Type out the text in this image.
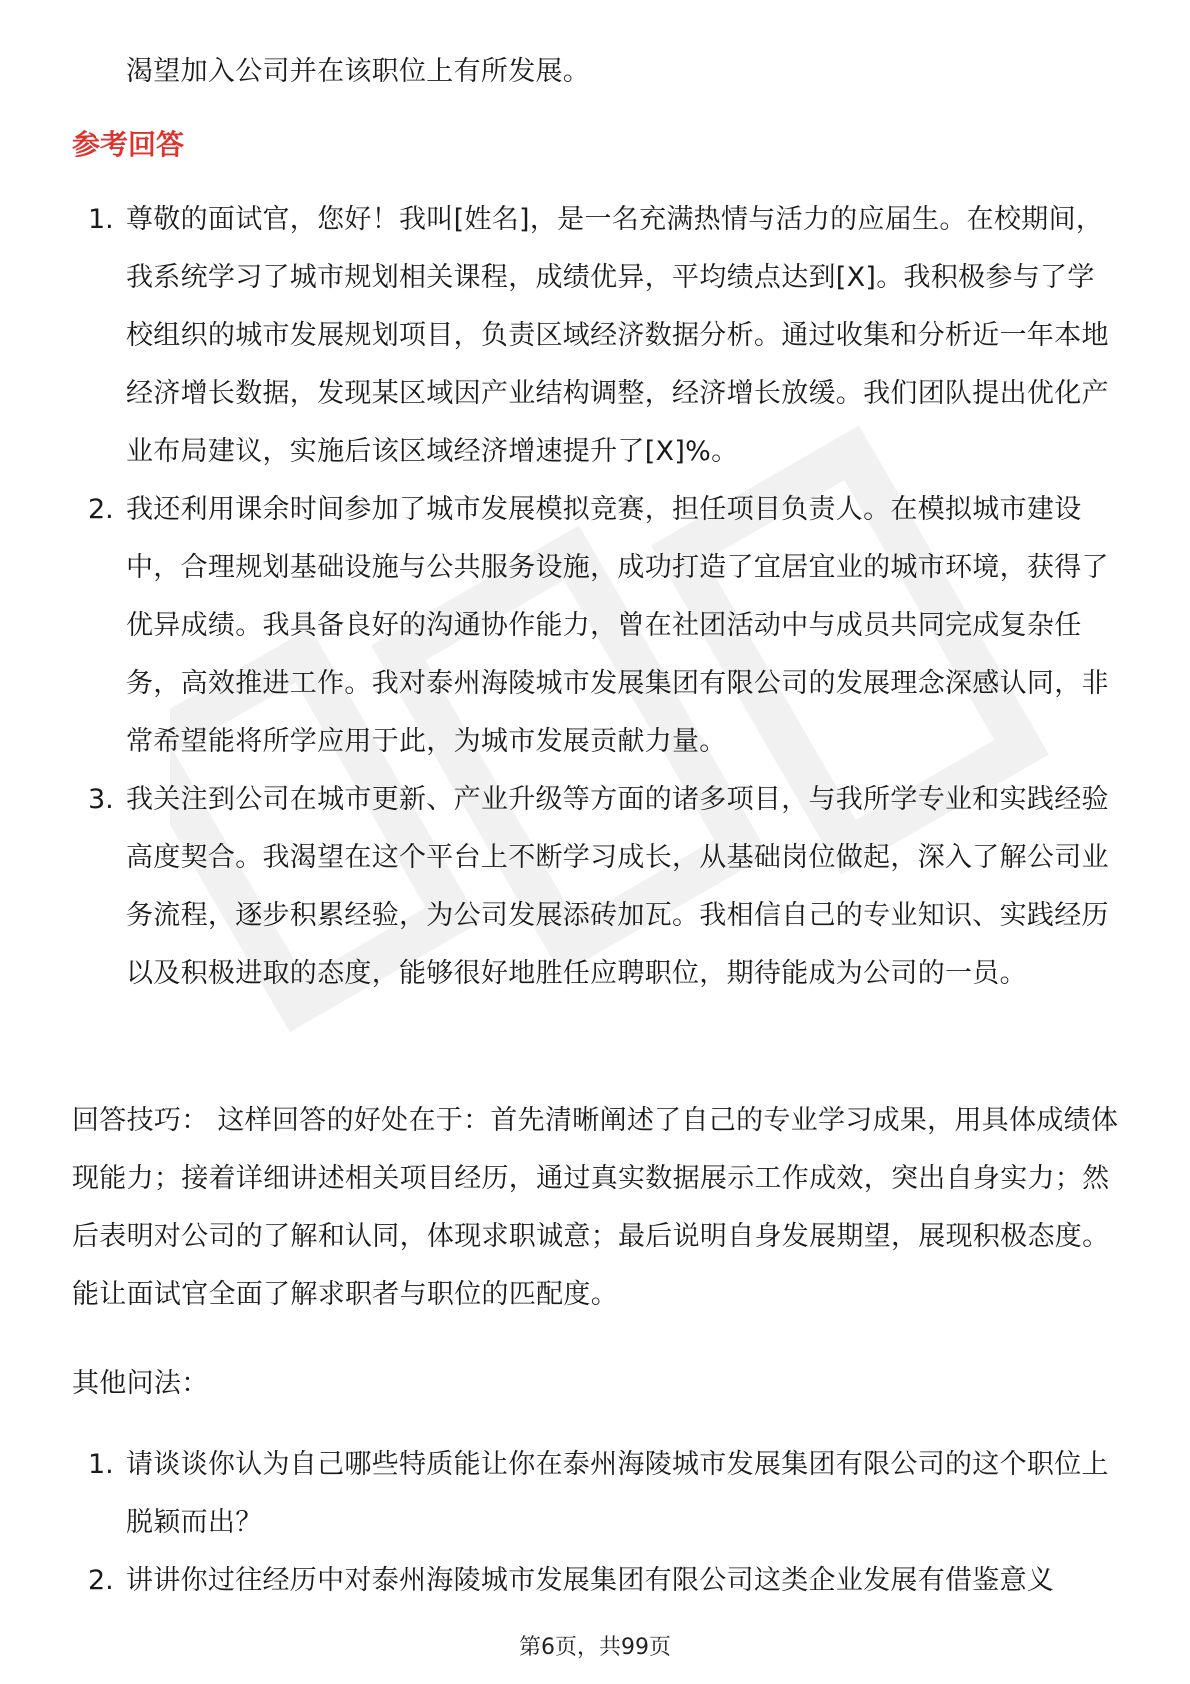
渴望加入公司并在该职位上有所发展。

参考回答
1. 尊敬的面试官，您好！我叫[姓名]，是一名充满热情与活力的应届生。在校期间，我系统学习了城市规划相关课程，成绩优异，平均绩点达到[X]。我积极参与了学校组织的城市发展规划项目，负责区域经济数据分析。通过收集和分析近一年本地经济增长数据，发现某区域因产业结构调整，经济增长放缓。我们团队提出优化产业布局建议，实施后该区域经济增速提升了[X]%。

2. 我还利用课余时间参加了城市发展模拟竞赛，担任项目负责人。在模拟城市建设中，合理规划基础设施与公共服务设施，成功打造了宜居宜业的城市环境，获得了优异成绩。我具备良好的沟通协作能力，曾在社团活动中与成员共同完成复杂任务，高效推进工作。我对泰州海陵城市发展集团有限公司的发展理念深感认同，非常希望能将所学应用于此，为城市发展贡献力量。

3. 我关注到公司在城市更新、产业升级等方面的诸多项目，与我所学专业和实践经验高度契合。我渴望在这个平台上不断学习成长，从基础岗位做起，深入了解公司业务流程，逐步积累经验，为公司发展添砖加瓦。我相信自己的专业知识、实践经历以及积极进取的态度，能够很好地胜任应聘职位，期待能成为公司的一员。

回答技巧： 这样回答的好处在于：首先清晰阐述了自己的专业学习成果，用具体成绩体现能力；接着详细讲述相关项目经历，通过真实数据展示工作成效，突出自身实力；然后表明对公司的了解和认同，体现求职诚意；最后说明自身发展期望，展现积极态度。能让面试官全面了解求职者与职位的匹配度。

其他问法：

1. 请谈谈你认为自己哪些特质能让你在泰州海陵城市发展集团有限公司的这个职位上脱颖而出？

2. 讲讲你过往经历中对泰州海陵城市发展集团有限公司这类企业发展有借鉴意义

第6页，共99页
